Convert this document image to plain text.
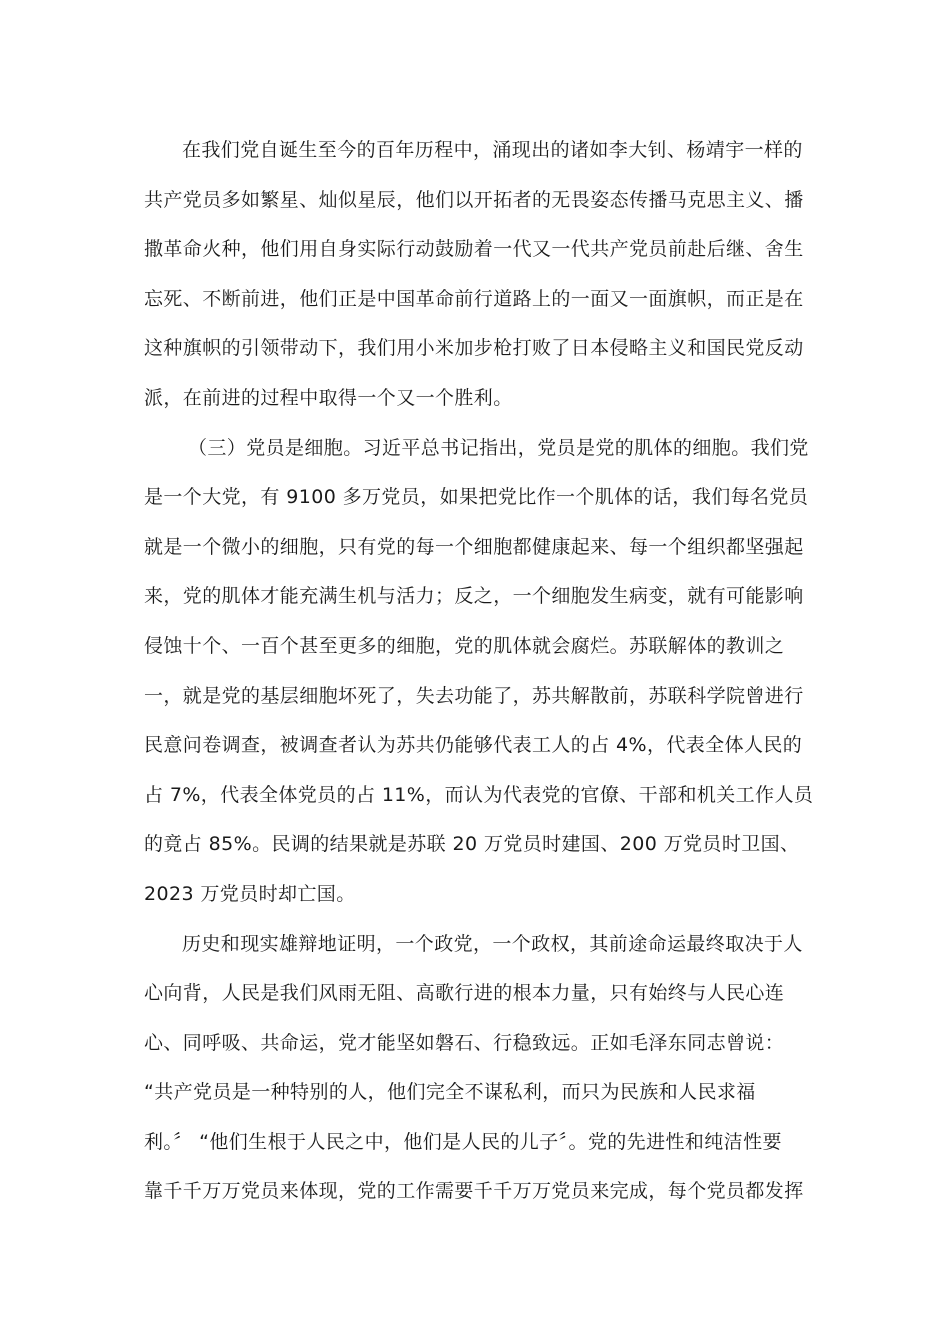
在我们党自诞生至今的百年历程中，涌现出的诸如李大钊、杨靖宇一样的
共产党员多如繁星、灿似星辰，他们以开拓者的无畏姿态传播马克思主义、播
撒革命火种，他们用自身实际行动鼓励着一代又一代共产党员前赴后继、舍生
忘死、不断前进，他们正是中国革命前行道路上的一面又一面旗帜，而正是在
这种旗帜的引领带动下，我们用小米加步枪打败了日本侵略主义和国民党反动
派，在前进的过程中取得一个又一个胜利。
（三）党员是细胞。习近平总书记指出，党员是党的肌体的细胞。我们党
是一个大党，有 9100 多万党员，如果把党比作一个肌体的话，我们每名党员
就是一个微小的细胞，只有党的每一个细胞都健康起来、每一个组织都坚强起
来，党的肌体才能充满生机与活力；反之，一个细胞发生病变，就有可能影响
侵蚀十个、一百个甚至更多的细胞，党的肌体就会腐烂。苏联解体的教训之
一，就是党的基层细胞坏死了，失去功能了，苏共解散前，苏联科学院曾进行
民意问卷调查，被调查者认为苏共仍能够代表工人的占 4%，代表全体人民的
占 7%，代表全体党员的占 11%，而认为代表党的官僚、干部和机关工作人员
的竟占 85%。民调的结果就是苏联 20 万党员时建国、200 万党员时卫国、
2023 万党员时却亡国。
历史和现实雄辩地证明，一个政党，一个政权，其前途命运最终取决于人
心向背，人民是我们风雨无阻、高歌行进的根本力量，只有始终与人民心连
心、同呼吸、共命运，党才能坚如磐石、行稳致远。正如毛泽东同志曾说：
“共产党员是一种特别的人，他们完全不谋私利，而只为民族和人民求福
利。〞 “他们生根于人民之中，他们是人民的儿子〞。党的先进性和纯洁性要
靠千千万万党员来体现，党的工作需要千千万万党员来完成，每个党员都发挥
